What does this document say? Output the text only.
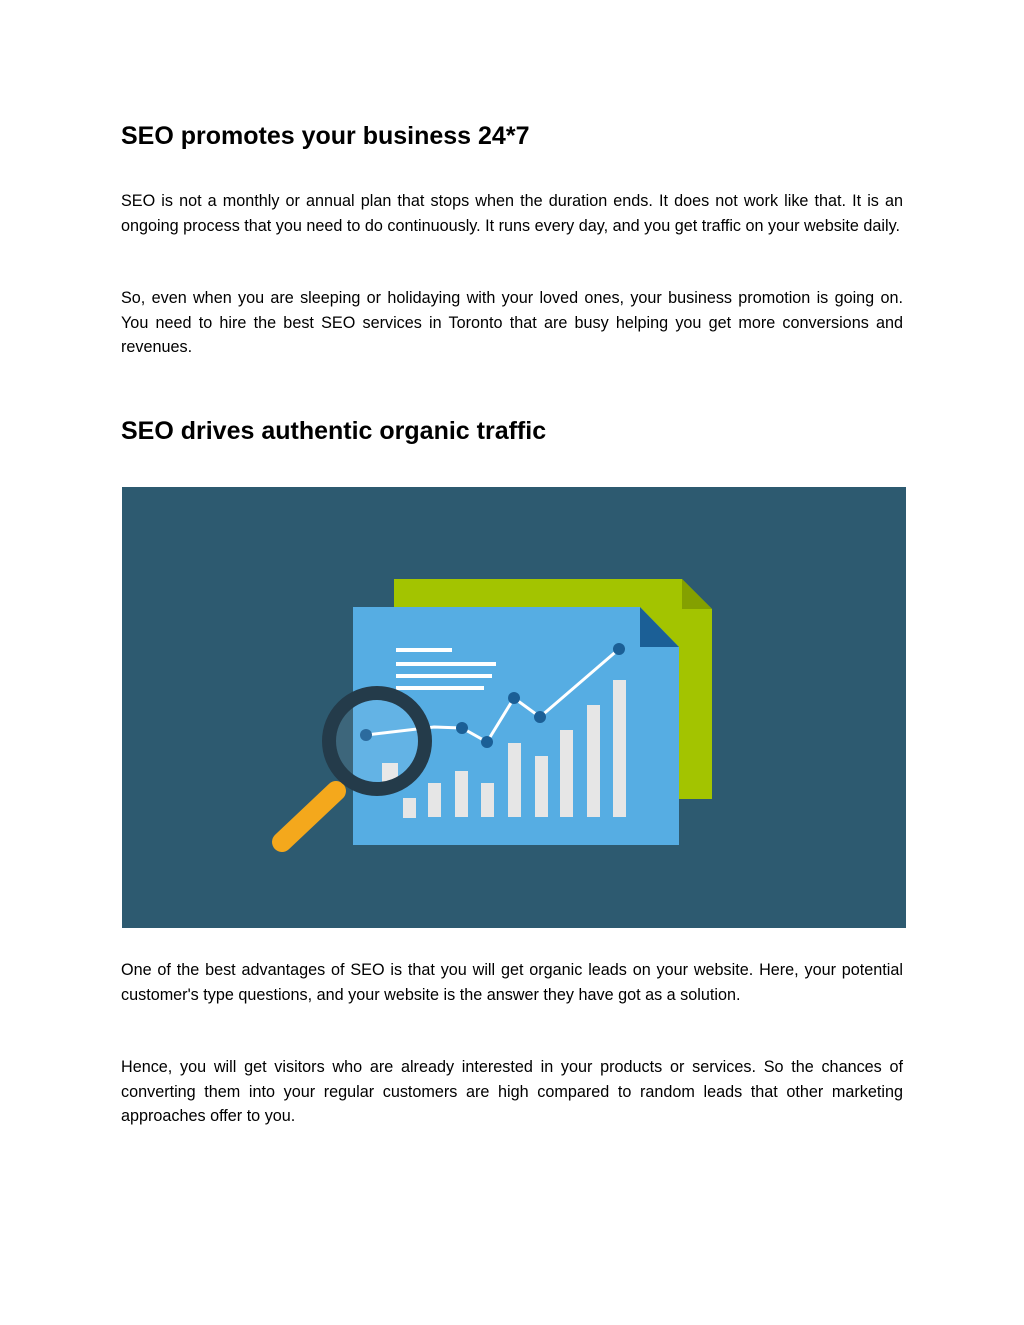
SEO promotes your business 24*7

SEO is not a monthly or annual plan that stops when the duration ends. It does not work like that. It is an ongoing process that you need to do continuously. It runs every day, and you get traffic on your website daily.

So, even when you are sleeping or holidaying with your loved ones, your business promotion is going on. You need to hire the best SEO services in Toronto that are busy helping you get more conversions and revenues.

SEO drives authentic organic traffic

One of the best advantages of SEO is that you will get organic leads on your website. Here, your potential customer's type questions, and your website is the answer they have got as a solution.

Hence, you will get visitors who are already interested in your products or services. So the chances of converting them into your regular customers are high compared to random leads that other marketing approaches offer to you.
